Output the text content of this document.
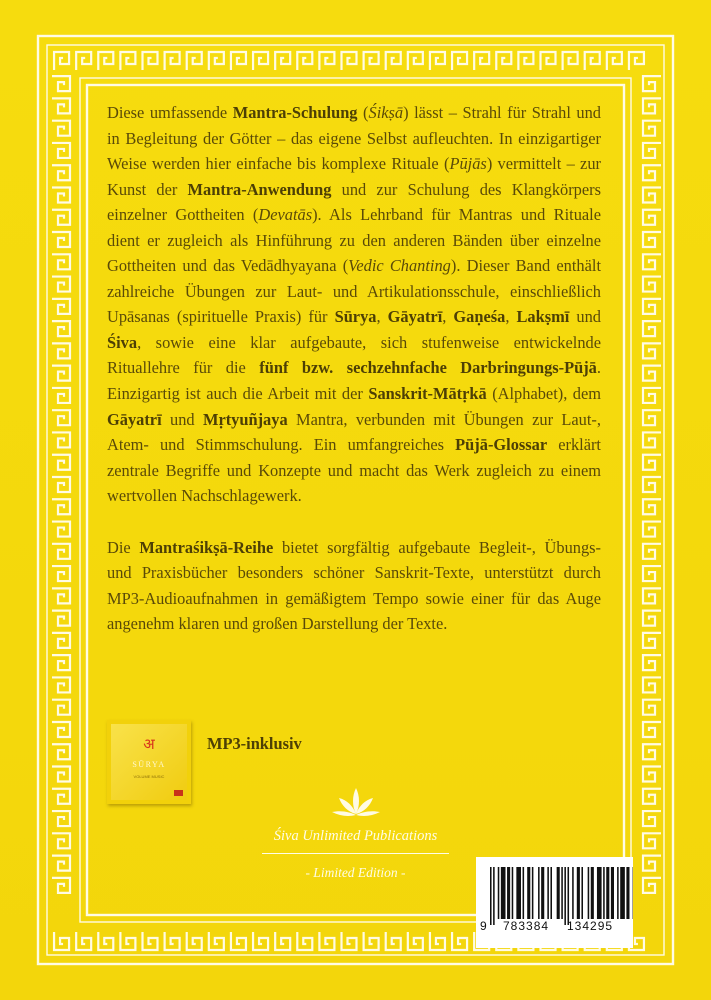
Diese umfassende Mantra-Schulung (Śikṣā) lässt – Strahl für Strahl und in Begleitung der Götter – das eigene Selbst aufleuchten. In einzigartiger Weise werden hier einfache bis komplexe Rituale (Pūjās) vermittelt – zur Kunst der Mantra-Anwendung und zur Schulung des Klangkörpers einzelner Gottheiten (Devatās). Als Lehrband für Mantras und Rituale dient er zugleich als Hinführung zu den anderen Bänden über einzelne Gottheiten und das Vedādhyayana (Vedic Chanting). Dieser Band enthält zahlreiche Übungen zur Laut- und Artikulationsschule, einschließlich Upāsanas (spirituelle Praxis) für Sūrya, Gāyatrī, Gaṇeśa, Lakṣmī und Śiva, sowie eine klar aufgebaute, sich stufenweise entwickelnde Rituallehre für die fünf bzw. sechzehnfache Darbringungs-Pūjā. Einzigartig ist auch die Arbeit mit der Sanskrit-Mātṛkā (Alphabet), dem Gāyatrī und Mṛtyuñjaya Mantra, verbunden mit Übungen zur Laut-, Atem- und Stimmschulung. Ein umfangreiches Pūjā-Glossar erklärt zentrale Begriffe und Konzepte und macht das Werk zugleich zu einem wertvollen Nachschlagewerk.

Die Mantraśikṣā-Reihe bietet sorgfältig aufgebaute Begleit-, Übungs- und Praxisbücher besonders schöner Sanskrit-Texte, unterstützt durch MP3-Audioaufnahmen in gemäßigtem Tempo sowie einer für das Auge angenehm klaren und großen Darstellung der Texte.

अ
SŪRYA
VOLUME MUSIC
MP3-inklusiv
Śiva Unlimited Publications
- Limited Edition -
9 783384 134295
